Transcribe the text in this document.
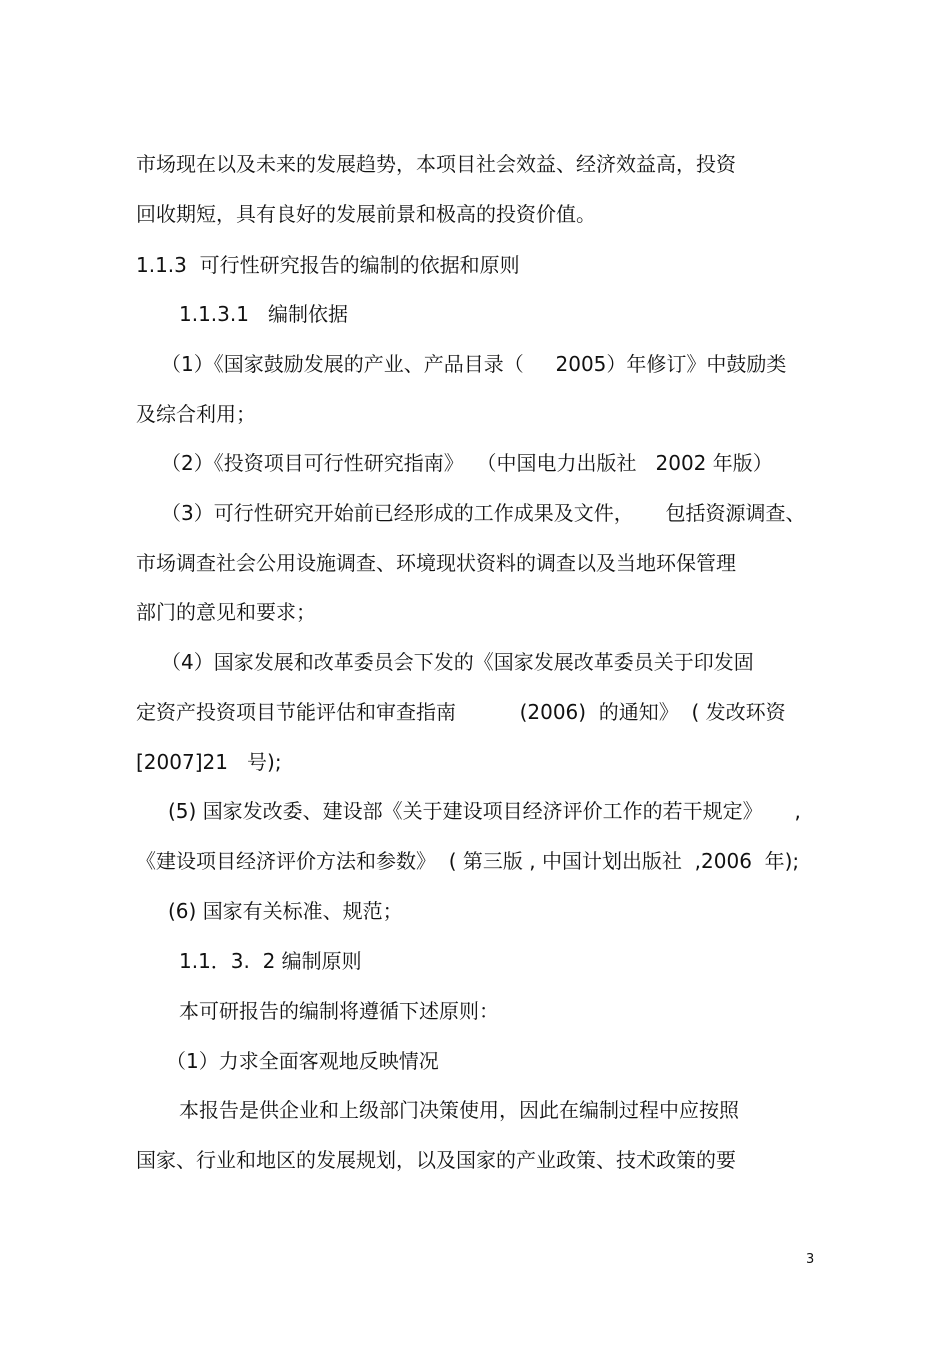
市场现在以及未来的发展趋势，本项目社会效益、经济效益高，投资
回收期短，具有良好的发展前景和极高的投资价值。
1.1.3  可行性研究报告的编制的依据和原则
1.1.3.1   编制依据
（1）《国家鼓励发展的产业、产品目录（     2005）年修订》中鼓励类
及综合利用；
（2）《投资项目可行性研究指南》  （中国电力出版社   2002 年版）
（3）可行性研究开始前已经形成的工作成果及文件，     包括资源调查、
市场调查社会公用设施调查、环境现状资料的调查以及当地环保管理
部门的意见和要求；
（4）国家发展和改革委员会下发的《国家发展改革委员关于印发固
定资产投资项目节能评估和审查指南          (2006)  的通知》  ( 发改环资
[2007]21   号);
(5) 国家发改委、建设部《关于建设项目经济评价工作的若干规定》     ,
《建设项目经济评价方法和参数》  ( 第三版 , 中国计划出版社  ,2006  年);
(6) 国家有关标准、规范；
1.1．3.  2 编制原则
本可研报告的编制将遵循下述原则：
（1）力求全面客观地反映情况
本报告是供企业和上级部门决策使用，因此在编制过程中应按照
国家、行业和地区的发展规划，以及国家的产业政策、技术政策的要
3
